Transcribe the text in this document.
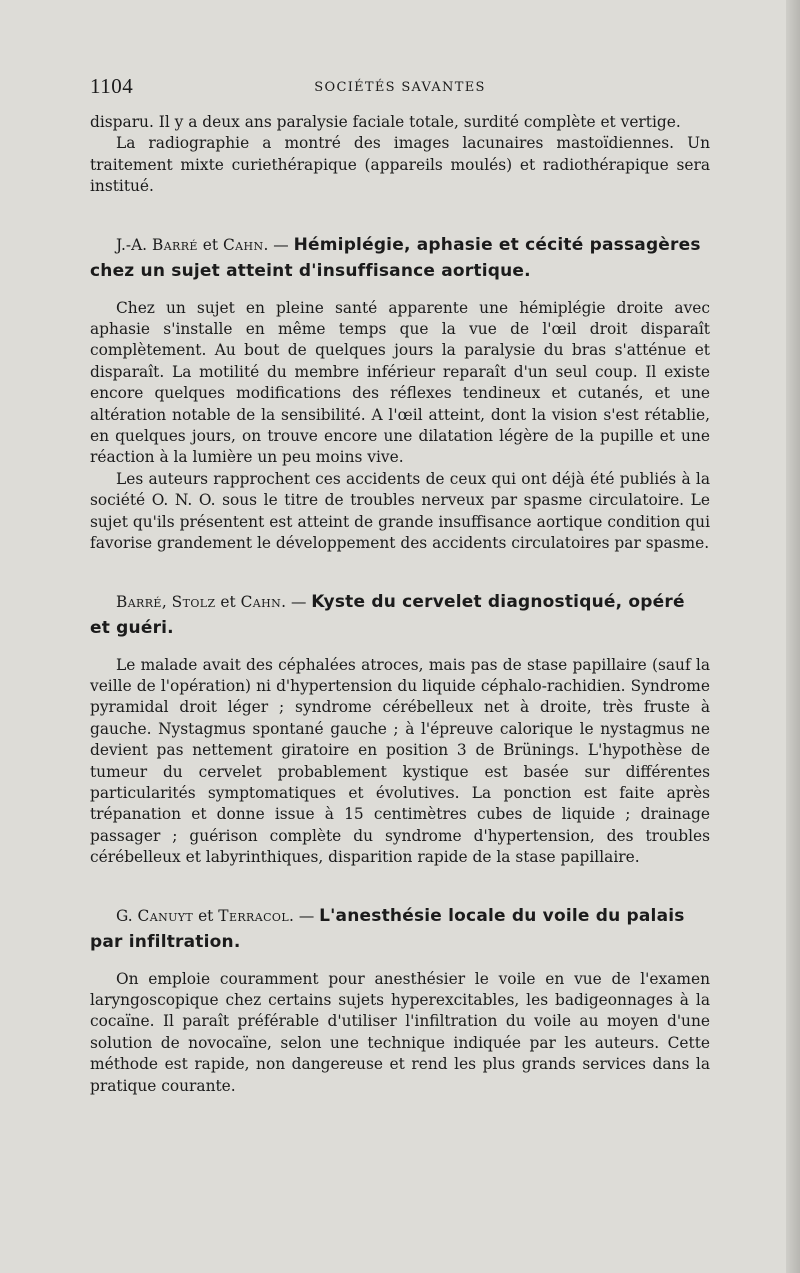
1104	SOCIÉTÉS SAVANTES

disparu. Il y a deux ans paralysie faciale totale, surdité complète et vertige.

La radiographie a montré des images lacunaires mastoïdiennes. Un traitement mixte curiethérapique (appareils moulés) et radiothérapique sera institué.

J.-A. Barré et Cahn. — Hémiplégie, aphasie et cécité passagères chez un sujet atteint d'insuffisance aortique.

Chez un sujet en pleine santé apparente une hémiplégie droite avec aphasie s'installe en même temps que la vue de l'œil droit disparaît complètement. Au bout de quelques jours la paralysie du bras s'atténue et disparaît. La motilité du membre inférieur reparaît d'un seul coup. Il existe encore quelques modifications des réflexes tendineux et cutanés, et une altération notable de la sensibilité. A l'œil atteint, dont la vision s'est rétablie, en quelques jours, on trouve encore une dilatation légère de la pupille et une réaction à la lumière un peu moins vive.

Les auteurs rapprochent ces accidents de ceux qui ont déjà été publiés à la société O. N. O. sous le titre de troubles nerveux par spasme circulatoire. Le sujet qu'ils présentent est atteint de grande insuffisance aortique condition qui favorise grandement le développement des accidents circulatoires par spasme.

Barré, Stolz et Cahn. — Kyste du cervelet diagnostiqué, opéré et guéri.

Le malade avait des céphalées atroces, mais pas de stase papillaire (sauf la veille de l'opération) ni d'hypertension du liquide céphalo-rachidien. Syndrome pyramidal droit léger ; syndrome cérébelleux net à droite, très fruste à gauche. Nystagmus spontané gauche ; à l'épreuve calorique le nystagmus ne devient pas nettement giratoire en position 3 de Brünings. L'hypothèse de tumeur du cervelet probablement kystique est basée sur différentes particularités symptomatiques et évolutives. La ponction est faite après trépanation et donne issue à 15 centimètres cubes de liquide ; drainage passager ; guérison complète du syndrome d'hypertension, des troubles cérébelleux et labyrinthiques, disparition rapide de la stase papillaire.

G. Canuyt et Terracol. — L'anesthésie locale du voile du palais par infiltration.

On emploie couramment pour anesthésier le voile en vue de l'examen laryngoscopique chez certains sujets hyperexcitables, les badigeonnages à la cocaïne. Il paraît préférable d'utiliser l'infiltration du voile au moyen d'une solution de novocaïne, selon une technique indiquée par les auteurs. Cette méthode est rapide, non dangereuse et rend les plus grands services dans la pratique courante.
